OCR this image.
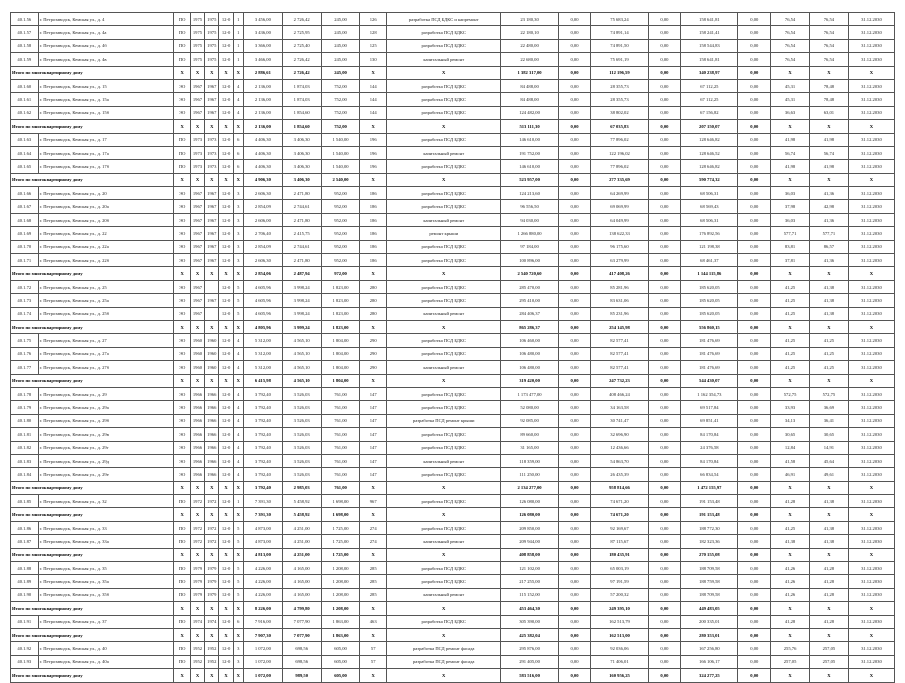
40.1.56	г. Петрозаводск, Кемская ул., д. 4	ПО	1975	1975	12-0	1	3 456,00	2 726,42	245,00	126	разработка ПСД БДКС и капремонт	23 180,30	0,00	75 683,24	0,00	158 641,81	0,00	76,54	76,54	31.12.2030
40.1.57	г. Петрозаводск, Кемская ул., д. 4а	ПО	1975	1975	12-0	1	3 436,00	2 725,95	245,00	128	разработка ПСД БДКС	22 180,10	0,00	74 891,14	0,00	158 241,41	0,00	76,54	76,54	31.12.2030
40.1.58	г. Петрозаводск, Кемская ул., д. 4б	ПО	1975	1975	12-0	1	3 366,00	2 725,40	245,00	125	разработка ПСД БДКС	22 480,00	0,00	74 891,50	0,00	158 544,83	0,00	76,54	76,54	31.12.2030
40.1.59	г. Петрозаводск, Кемская ул., д. 4в	ПО	1975	1975	12-0	1	3 466,00	2 726,42	245,00	130	капитальный ремонт	22 680,00	0,00	75 691,19	0,00	158 641,81	0,00	76,54	76,54	31.12.2030
Итого по многоквартирному дому		X	X	X	X	X	2 886,61	2 726,42	245,00	X	X	1 382 317,00	0,00	112 196,59	0,00	340 238,97	0,00	X	X	X
40.1.60	г. Петрозаводск, Кемская ул., д. 15	ЭО	1967	1967	12-0	4	2 136,00	1 874,03	752,00	144	разработка ПСД БДКС	84 488,00	0,00	28 355,73	0,00	67 112,25	0,00	45,31	78,48	31.12.2030
40.1.61	г. Петрозаводск, Кемская ул., д. 15а	ЭО	1967	1967	12-0	4	2 136,00	1 874,03	752,00	144	разработка ПСД БДКС	84 488,00	0,00	28 355,73	0,00	67 112,25	0,00	45,31	78,48	31.12.2030
40.1.62	г. Петрозаводск, Кемская ул., д. 15б	ЭО	1967	1967	12-0	4	2 136,00	1 854,60	752,00	144	разработка ПСД БДКС	124 482,00	0,00	38 802,02	0,00	67 156,82	0,00	36,63	63,01	31.12.2030
Итого по многоквартирному дому		X	X	X	X	X	2 136,00	1 854,60	752,00	X	X	513 111,30	0,00	67 035,83	0,00	207 150,07	0,00	X	X	X
40.1.63	г. Петрозаводск, Кемская ул., д. 17	ПО	1973	1973	12-0	6	4 406,30	3 406,30	1 540,00	196	разработка ПСД БДКС	146 610,00	0,00	77 896,02	0,00	128 646,82	0,00	41,98	41,98	31.12.2030
40.1.64	г. Петрозаводск, Кемская ул., д. 17а	ПО	1973	1973	12-0	6	4 406,30	3 406,30	1 540,00	196	капитальный ремонт	191 752,00	0,00	122 196,02	0,00	128 646,52	0,00	56,74	56,74	31.12.2030
40.1.65	г. Петрозаводск, Кемская ул., д. 17б	ПО	1973	1973	12-0	6	4 406,30	3 406,30	1 540,00	196	разработка ПСД БДКС	146 610,00	0,00	77 896,02	0,00	128 646,82	0,00	41,98	41,98	31.12.2030
Итого по многоквартирному дому		X	X	X	X	X	4 906,30	3 406,30	2 540,00	X	X	523 957,00	0,00	277 335,69	0,00	590 774,32	0,00	X	X	X
40.1.66	г. Петрозаводск, Кемская ул., д. 20	ЭО	1967	1967	12-0	3	2 606,30	2 471,80	952,00	186	разработка ПСД БДКС	124 213,60	0,00	64 269,99	0,00	68 506,31	0,00	36,03	41,36	31.12.2030
40.1.67	г. Петрозаводск, Кемская ул., д. 20а	ЭО	1967	1967	12-0	3	2 854,09	2 744,61	952,00	186	разработка ПСД БДКС	96 556,50	0,00	69 069,99	0,00	68 569,43	0,00	37,98	42,98	31.12.2030
40.1.68	г. Петрозаводск, Кемская ул., д. 20б	ЭО	1967	1967	12-0	3	2 606,00	2 471,80	952,00	186	капитальный ремонт	94 030,00	0,00	64 049,99	0,00	68 506,31	0,00	36,03	41,36	31.12.2030
40.1.69	г. Петрозаводск, Кемская ул., д. 22	ЭО	1967	1967	12-0	3	2 706,40	2 415,75	952,00	186	ремонт крыши	1 266 880,00	0,00	138 622,33	0,00	176 892,56	0,00	577,71	577,71	31.12.2030
40.1.70	г. Петрозаводск, Кемская ул., д. 22а	ЭО	1967	1967	12-0	3	2 854,09	2 744,61	952,00	186	разработка ПСД БДКС	97 184,00	0,00	96 175,60	0,00	121 198,38	0,00	83,81	86,57	31.12.2030
40.1.71	г. Петрозаводск, Кемская ул., д. 22б	ЭО	1967	1967	12-0	3	2 606,30	2 471,80	952,00	186	разработка ПСД БДКС	100 896,00	0,00	63 279,99	0,00	68 461,37	0,00	37,81	41,36	31.12.2030
Итого по многоквартирному дому		X	X	X	X	X	2 854,06	2 487,94	972,00	X	X	2 540 720,60	0,00	417 408,26	0,00	1 144 115,86	0,00	X	X	X
40.1.72	г. Петрозаводск, Кемская ул., д. 25	ЭО	1967		12-0	5	4 605,96	3 998,24	1 823,00	280	разработка ПСД БДКС	285 470,00	0,00	85 281,96	0,00	185 620,05	0,00	41,25	41,38	31.12.2030
40.1.73	г. Петрозаводск, Кемская ул., д. 25а	ЭО	1967	1967	12-0	5	4 605,96	3 998,24	1 823,00	280	разработка ПСД БДКС	295 410,00	0,00	83 631,06	0,00	185 620,05	0,00	41,25	41,38	31.12.2030
40.1.74	г. Петрозаводск, Кемская ул., д. 25б	ЭО	1967		12-0	5	4 605,96	3 998,24	1 823,00	280	капитальный ремонт	284 406,37	0,00	85 231,96	0,00	185 620,05	0,00	41,25	41,38	31.12.2030
Итого по многоквартирному дому		X	X	X	X	X	4 805,96	3 999,24	1 823,00	X	X	865 286,37	0,00	254 145,98	0,00	556 860,15	0,00	X	X	X
40.1.75	г. Петрозаводск, Кемская ул., д. 27	ЭО	1960	1960	12-0	4	5 312,00	4 565,10	1 804,00	290	разработка ПСД БДКС	106 460,00	0,00	82 577,41	0,00	181 476,69	0,00	41,25	41,25	31.12.2030
40.1.76	г. Петрозаводск, Кемская ул., д. 27а	ЭО	1960	1960	12-0	4	5 312,00	4 565,10	1 804,00	290	разработка ПСД БДКС	106 480,00	0,00	82 577,41	0,00	181 476,69	0,00	41,25	41,25	31.12.2030
40.1.77	г. Петрозаводск, Кемская ул., д. 27б	ЭО	1960	1960	12-0	4	5 312,00	4 565,10	1 804,00	290	капитальный ремонт	106 480,00	0,00	82 577,41	0,00	181 476,69	0,00	41,25	41,25	31.12.2030
Итого по многоквартирному дому		X	X	X	X	X	6 415,98	4 565,10	1 804,00	X	X	319 420,00	0,00	247 732,23	0,00	544 430,07	0,00	X	X	X
40.1.78	г. Петрозаводск, Кемская ул., д. 29	ЭО	1966	1966	12-0	4	3 792,40	3 526,03	761,00	147	разработка ПСД БДКС	1 173 477,00	0,00	408 466,24	0,00	1 162 354,73	0,00	572,75	572,75	31.12.2030
40.1.79	г. Петрозаводск, Кемская ул., д. 29а	ЭО	1966	1966	12-0	4	3 792,40	3 526,03	761,00	147	разработка ПСД БДКС	52 080,00	0,00	34 163,58	0,00	69 517,84	0,00	33,93	36,69	31.12.2030
40.1.80	г. Петрозаводск, Кемская ул., д. 29б	ЭО	1966	1966	12-0	4	3 792,40	3 526,03	761,00	147	разработка ПСД ремонт крыши	92 085,00	0,00	30 741,47	0,00	69 851,41	0,00	34,13	36,41	31.12.2030
40.1.81	г. Петрозаводск, Кемская ул., д. 29в	ЭО	1966	1966	12-0	4	3 792,40	3 526,03	761,00	147	разработка ПСД БДКС	89 660,00	0,00	32 696,90	0,00	84 170,84	0,00	30,65	30,65	31.12.2030
40.1.82	г. Петрозаводск, Кемская ул., д. 29г	ЭО	1966	1966	12-0	4	3 792,40	3 526,03	761,00	147	разработка ПСД БДКС	31 165,00	0,00	12 436,66	0,00	24 376,58	0,00	12,84	14,91	31.12.2030
40.1.83	г. Петрозаводск, Кемская ул., д. 29д	ЭО	1966	1966	12-0	4	3 792,40	3 526,03	761,00	147	капитальный ремонт	118 359,00	0,00	54 863,70	0,00	84 170,84	0,00	41,58	45,64	31.12.2030
40.1.84	г. Петрозаводск, Кемская ул., д. 29е	ЭО	1966	1966	12-0	4	3 792,40	3 526,03	761,00	147	разработка ПСД БДКС	111 250,00	0,00	26 435,39	0,00	66 834,54	0,00	46,91	49,61	31.12.2030
Итого по многоквартирному дому		X	X	X	X	X	3 792,40	2 985,03	761,00	X	X	2 134 277,00	0,00	958 814,66	0,00	1 472 155,97	0,00	X	X	X
40.1.85	г. Петрозаводск, Кемская ул., д. 32	ПО	1972	1972	12-0	1	7 391,30	5 458,92	1 698,00	967	разработка ПСД БДКС	126 080,00	0,00	74 671,20	0,00	191 153,48	0,00	41,28	41,38	31.12.2030
Итого по многоквартирному дому		X	X	X	X	X	7 391,30	5 458,92	1 698,00	X	X	126 080,00	0,00	74 671,20	0,00	191 153,48	0,00	X	X	X
40.1.86	г. Петрозаводск, Кемская ул., д. 33	ПО	1972	1972	12-0	5	4 873,00	4 251,00	1 725,00	274	разработка ПСД БДКС	209 850,00	0,00	92 169,67	0,00	188 772,30	0,00	41,25	41,38	31.12.2030
40.1.87	г. Петрозаводск, Кемская ул., д. 33а	ПО	1972	1972	12-0	5	4 873,00	4 251,00	1 725,00	274	капитальный ремонт	209 944,00	0,00	87 115,67	0,00	182 323,36	0,00	41,38	41,38	31.12.2030
Итого по многоквартирному дому		X	X	X	X	X	4 813,00	4 251,00	1 725,00	X	X	408 858,00	0,00	180 435,91	0,00	270 155,08	0,00	X	X	X
40.1.88	г. Петрозаводск, Кемская ул., д. 35	ПО	1979	1979	12-0	5	4 226,00	4 165,00	1 208,00	285	разработка ПСД БДКС	121 102,00	0,00	65 003,19	0,00	188 709,58	0,00	41,26	41,28	31.12.2030
40.1.89	г. Петрозаводск, Кемская ул., д. 35а	ПО	1979	1979	12-0	5	4 226,00	4 165,00	1 208,00	285	разработка ПСД БДКС	217 255,00	0,00	97 191,59	0,00	188 759,58	0,00	41,26	41,28	31.12.2030
40.1.90	г. Петрозаводск, Кемская ул., д. 35б	ПО	1979	1979	12-0	5	4 226,00	4 165,00	1 208,00	285	капитальный ремонт	115 152,00	0,00	57 200,32	0,00	188 709,58	0,00	41,26	41,28	31.12.2030
Итого по многоквартирному дому		X	X	X	X	X	8 226,00	4 799,80	1 208,00	X	X	453 464,30	0,00	249 395,10	0,00	449 483,05	0,00	X	X	X
40.1.91	г. Петрозаводск, Кемская ул., д. 37	ПО	1974	1974	12-0	6	7 916,00	7 077,90	1 863,00	463	разработка ПСД БДКС	305 390,00	0,00	162 513,79	0,00	200 335,01	0,00	41,28	41,28	31.12.2030
Итого по многоквартирному дому		X	X	X	X	X	7 907,30	7 077,90	1 863,00	X	X	425 382,04	0,00	162 513,00	0,00	280 353,01	0,00	X	X	X
40.1.92	г. Петрозаводск, Кемская ул., д. 40	ПО	1952	1952	12-0	3	1 072,00	698,56	605,00	57	разработка ПСД ремонт фасада	295 876,00	0,00	92 036,06	0,00	167 256,80	0,00	255,76	257,05	31.12.2030
40.1.93	г. Петрозаводск, Кемская ул., д. 40а	ПО	1952	1952	12-0	3	1 072,00	698,56	605,00	57	разработка ПСД ремонт фасада	291 405,00	0,00	71 406,01	0,00	166 106,17	0,00	257,05	257,05	31.12.2030
Итого по многоквартирному дому		X	X	X	X	X	1 072,00	989,50	605,00	X	X	583 516,00	0,00	160 956,25	0,00	324 277,25	0,00	X	X	X
